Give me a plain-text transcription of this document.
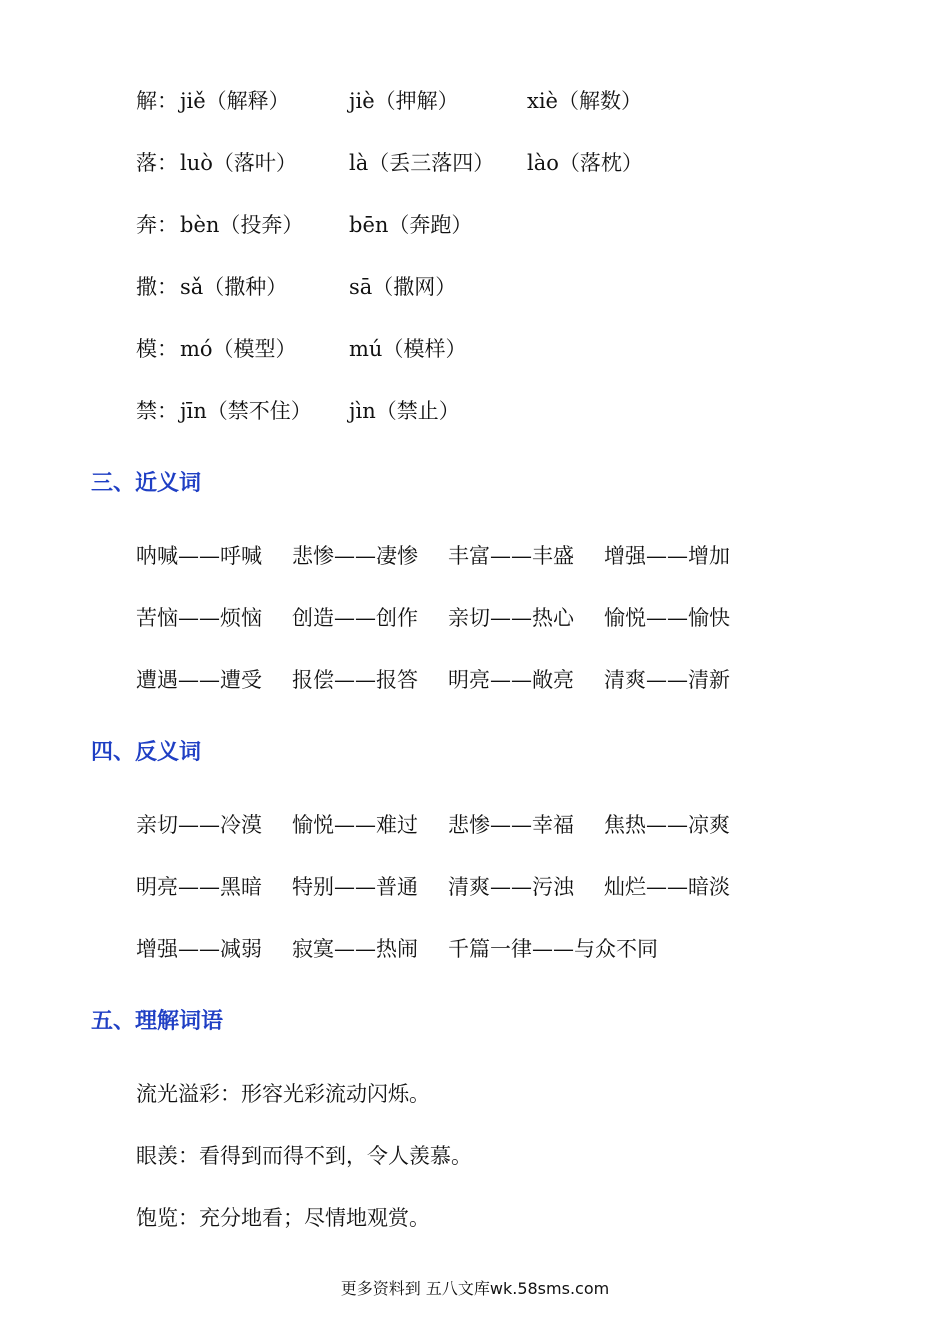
解： jiě（解释）	jiè（押解）	xiè（解数）
落： luò（落叶） là（丢三落四） lào（落枕）
奔： bèn（投奔） bēn（奔跑）
撒： sǎ（撒种）	sā（撒网）
模： mó（模型） mú（模样）
禁： jīn（禁不住） jìn（禁止）
三、近义词
呐喊——呼喊 悲惨——凄惨 丰富——丰盛 增强——增加
苦恼——烦恼 创造——创作 亲切——热心 愉悦——愉快
遭遇——遭受 报偿——报答 明亮——敞亮 清爽——清新
四、反义词
亲切——冷漠 愉悦——难过 悲惨——幸福 焦热——凉爽
明亮——黑暗 特别——普通 清爽——污浊 灿烂——暗淡
增强——减弱 寂寞——热闹 千篇一律——与众不同
五、理解词语
流光溢彩：形容光彩流动闪烁。
眼羡：看得到而得不到，令人羡慕。
饱览：充分地看；尽情地观赏。
更多资料到 五八文库wk.58sms.com
